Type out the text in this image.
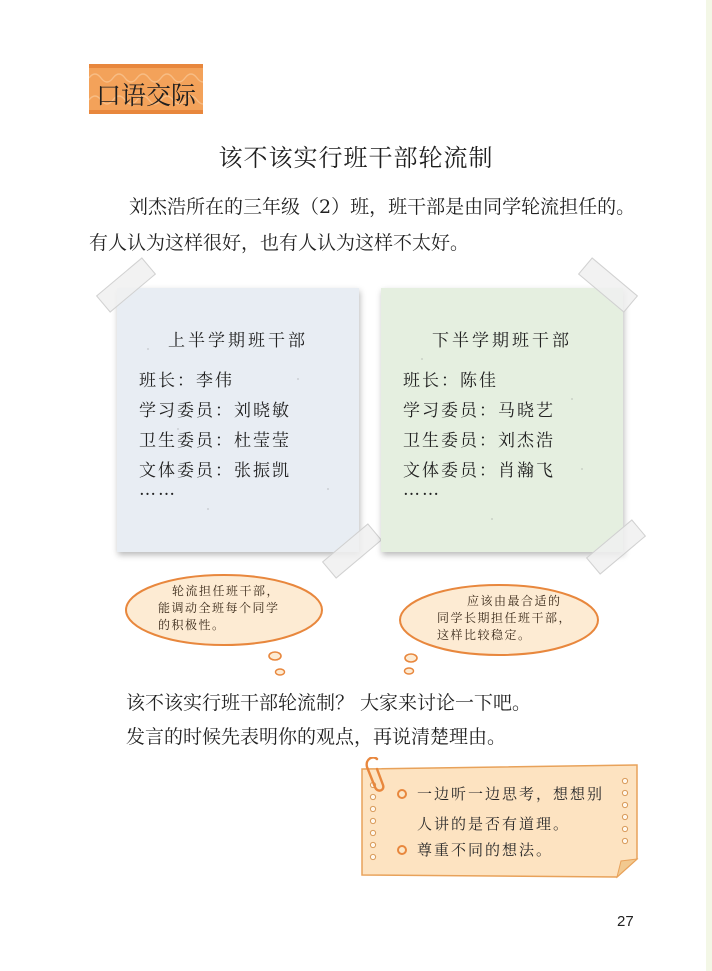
口语交际
该不该实行班干部轮流制
刘杰浩所在的三年级（2）班，班干部是由同学轮流担任的。
有人认为这样很好，也有人认为这样不太好。
上半学期班干部
班长：李伟
学习委员：刘晓敏
卫生委员：杜莹莹
文体委员：张振凯
……
下半学期班干部
班长：陈佳
学习委员：马晓艺
卫生委员：刘杰浩
文体委员：肖瀚飞
……
轮流担任班干部，
能调动全班每个同学
的积极性。
应该由最合适的
同学长期担任班干部，
这样比较稳定。
该不该实行班干部轮流制？ 大家来讨论一下吧。
发言的时候先表明你的观点，再说清楚理由。
一边听一边思考，想想别
人讲的是否有道理。
尊重不同的想法。
27
